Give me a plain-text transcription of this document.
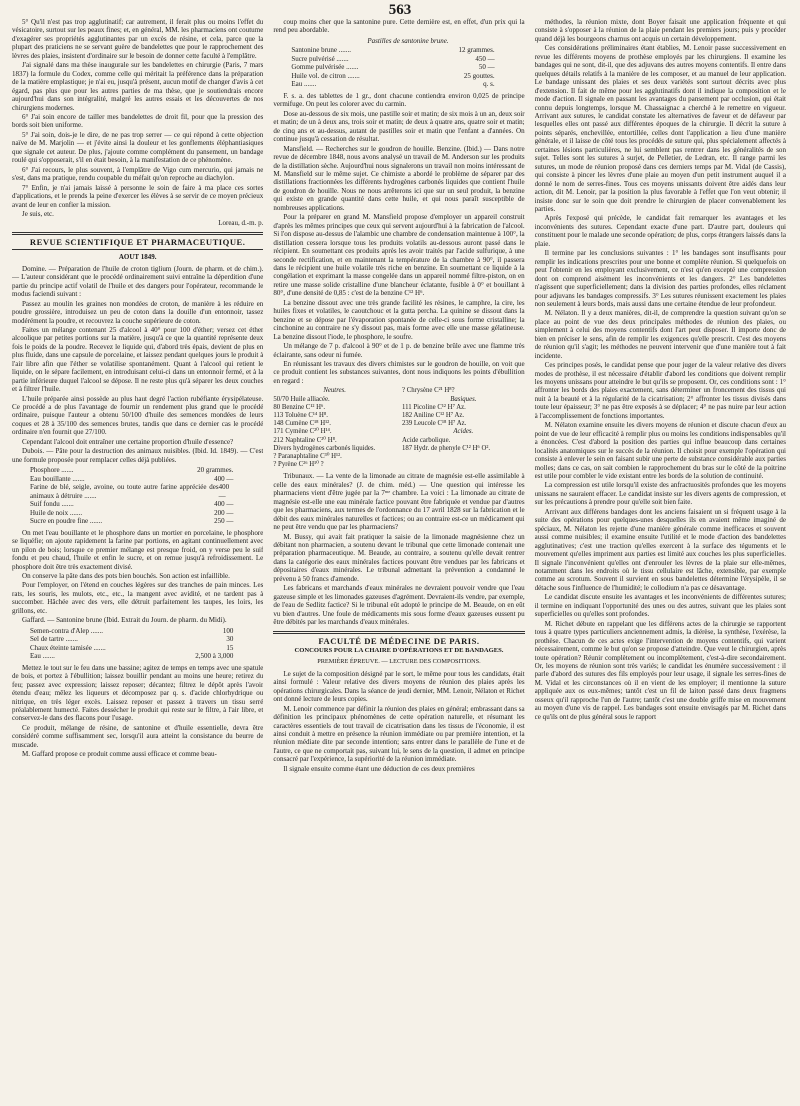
563

5° Qu'il n'est pas trop agglutinatif; car autrement, il ferait plus ou moins l'effet du vésicatoire, surtout sur les peaux fines; et, en général, MM. les pharmaciens ont coutume d'exagérer ses propriétés agglutinantes par un excès de résine, et cela, parce que la plupart des praticiens ne se servant guère de bandelettes que pour le rapprochement des lèvres des plaies, insistent d'ordinaire sur le besoin de donner cette faculté à l'emplâtre.

J'ai signalé dans ma thèse inaugurale sur les bandelettes en chirurgie (Paris, 7 mars 1837) la formule du Codex, comme celle qui méritait la préférence dans la préparation de la matière emplastique; je n'ai eu, jusqu'à présent, aucun motif de changer d'avis à cet égard, pas plus que pour les autres parties de ma thèse, que je soutiendrais encore aujourd'hui dans son intégralité, malgré les autres essais et les découvertes de nos chirurgiens modernes.

6° J'ai soin encore de tailler mes bandelettes de droit fil, pour que la pression des bords soit bien uniforme.

5° J'ai soin, dois-je le dire, de ne pas trop serrer — ce qui répond à cette objection naïve de M. Marjolin — et j'évite ainsi la douleur et les gonflements éléphantiasiques que signale cet auteur. De plus, j'ajoute comme complément du pansement, un bandage roulé qui s'opposerait, s'il en était besoin, à la manifestation de ce phénomène.

6° J'ai recours, le plus souvent, à l'emplâtre de Vigo cum mercurio, qui jamais ne s'est, dans ma pratique, rendu coupable du méfait qu'on reproche au diachylon.

7° Enfin, je n'ai jamais laissé à personne le soin de faire à ma place ces sortes d'applications, et le prends la peine d'exercer les élèves à se servir de ce moyen précieux avant de leur en confier la mission.

Je suis, etc.

Loreau, d.-m. p.

REVUE SCIENTIFIQUE ET PHARMACEUTIQUE.
AOUT 1849.

Domine. — Préparation de l'huile de croton tiglium (Journ. de pharm. et de chim.). — L'auteur considérant que le procédé ordinairement suivi entraîne la déperdition d'une partie du principe actif volatil de l'huile et des dangers pour l'opérateur, recommande le modus faciendi suivant :

Passez au moulin les graines non mondées de croton, de manière à les réduire en poudre grossière, introduisez un peu de coton dans la douille d'un entonnoir, tassez modérément la poudre, et recouvrez la couche supérieure de coton.

Faites un mélange contenant 25 d'alcool à 40° pour 100 d'éther; versez cet éther alcoolique par petites portions sur la matière, jusqu'à ce que la quantité représente deux fois le poids de la poudre. Recevez le liquide qui, d'abord très épais, devient de plus en plus fluide, dans une capsule de porcelaine, et laissez pendant quelques jours le produit à l'air libre afin que l'éther se volatilise spontanément. Quant à l'alcool qui retient le liquide, on le sépare facilement, en introduisant celui-ci dans un entonnoir fermé, et à la partie inférieure duquel l'alcool se dépose. Il ne reste plus qu'à séparer les deux couches et à filtrer l'huile.

L'huile préparée ainsi possède au plus haut degré l'action rubéfiante érysipélateuse. Ce procédé a de plus l'avantage de fournir un rendement plus grand que le procédé ordinaire, puisque l'auteur a obtenu 50/100 d'huile des semences mondées de leurs coques et 28 à 35/100 des semences brutes, tandis que dans ce dernier cas le procédé ordinaire n'en fournit que 27/100.

Cependant l'alcool doit entraîner une certaine proportion d'huile d'essence?

Dubois. — Pâte pour la destruction des animaux nuisibles. (Ibid. Id. 1849). — C'est une formule proposée pour remplacer celles déjà publiées.

Phosphore .......	20 grammes.
Eau bouillante .......	400 —
Farine de blé, seigle, avoine, ou toute autre farine appréciée des animaux à détruire .......
400 —
Suif fondu .......	400 —
Huile de noix .......	200 —
Sucre en poudre fine .......	250 —

On met l'eau bouillante et le phosphore dans un mortier en porcelaine, le phosphore se liquéfie; on ajoute rapidement la farine par portions, en agitant continuellement avec un pilon de bois; lorsque ce premier mélange est presque froid, on y verse peu le suif fondu et peu chaud, l'huile et enfin le sucre, et on remue jusqu'à refroidissement. Le phosphore doit être très exactement divisé.

On conserve la pâte dans des pots bien bouchés. Son action est infaillible.

Pour l'employer, on l'étend en couches légères sur des tranches de pain minces. Les rats, les souris, les mulots, etc., etc., la mangent avec avidité, et ne tardent pas à succomber. Hâchée avec des vers, elle détruit parfaitement les taupes, les loirs, les grillons, etc.

Gaffard. — Santonine brune (Ibid. Extrait du Journ. de pharm. du Midi).

Semen-contra d'Alep .......	100
Sel de tartre .......	30
Chaux éteinte tamisée .......	15
Eau .......	2,500 à 3,000

Mettez le tout sur le feu dans une bassine; agitez de temps en temps avec une spatule de bois, et portez à l'ébullition; laissez bouillir pendant au moins une heure; retirez du feu; passez avec expression; laissez reposer; décantez; filtrez le dépôt après l'avoir étendu d'eau; mêlez les liqueurs et décomposez par q. s. d'acide chlorhydrique ou nitrique, en très léger excès. Laissez reposer et passez à travers un tissu serré préalablement humecté. Faites dessécher le produit qui reste sur le filtre, à l'air libre, et conservez-le dans des flacons pour l'usage.

Ce produit, mélange de résine, de santonine et d'huile essentielle, devra être considéré comme suffisamment sec, lorsqu'il aura atteint la consistance du beurre de muscade.

M. Gaffard propose ce produit comme aussi efficace et comme beau-

coup moins cher que la santonine pure. Cette dernière est, en effet, d'un prix qui la rend peu abordable.

Pastilles de santonine brune.
Santonine brune .......	12 grammes.
Sucre pulvérisé .......	450 —
Gomme pulvérisée .......	50 —
Huile vol. de citron .......	25 gouttes.
Eau .......	q. s.

F. s. a. des tablettes de 1 gr., dont chacune contiendra environ 0,025 de principe vermifuge. On peut les colorer avec du carmin.

Dose au-dessous de six mois, une pastille soir et matin; de six mois à un an, deux soir et matin; de un à deux ans, trois soir et matin; de deux à quatre ans, quatre soir et matin; de cinq ans et au-dessus, autant de pastilles soir et matin que l'enfant a d'années. On continue jusqu'à cessation de résultat.

Mansfield. — Recherches sur le goudron de houille. Benzine. (Ibid.) — Dans notre revue de décembre 1848, nous avons analysé un travail de M. Anderson sur les produits de la distillation sèche. Aujourd'hui nous signalerons un travail non moins intéressant de M. Mansfield sur le même sujet. Ce chimiste a abordé le problème de séparer par des distillations fractionnées les différents hydrogènes carbonés liquides que contient l'huile de goudron de houille. Nous ne nous arrêterons ici que sur un seul produit, la benzine qui existe en grande quantité dans cette huile, et qui nous paraît susceptible de nombreuses applications.

Pour la préparer en grand M. Mansfield propose d'employer un appareil construit d'après les mêmes principes que ceux qui servent aujourd'hui à la fabrication de l'alcool. Si l'on dispose au-dessus de l'alambic une chambre de condensation maintenue à 100°, la distillation cessera lorsque tous les produits volatils au-dessous auront passé dans le récipient. En soumettant ces produits après les avoir traités par l'acide sulfurique, à une seconde rectification, et en maintenant la température de la chambre à 90°, il passera dans le récipient une huile volatile très riche en benzine. En soumettant ce liquide à la congélation et exprimant la masse congelée dans un appareil nommé filtre-piston, on en retire une masse solide cristalline d'une blancheur éclatante, fusible à 0° et bouillant à 80°, d'une densité de 0,85 : c'est de la benzine C¹² H⁶.

La benzine dissout avec une très grande facilité les résines, le camphre, la cire, les huiles fixes et volatiles, le caoutchouc et la gutta percha. La quinine se dissout dans la benzine et se dépose par l'évaporation spontanée de celle-ci sous forme cristalline; la cinchonine au contraire ne s'y dissout pas, mais forme avec elle une masse gélatineuse. La benzine dissout l'iode, le phosphore, le soufre.

Un mélange de 7 p. d'alcool à 90° et de 1 p. de benzine brûle avec une flamme très éclairante, sans odeur ni fumée.

En réunissant les travaux des divers chimistes sur le goudron de houille, on voit que ce produit contient les substances suivantes, dont nous indiquons les points d'ébullition en regard :

Neutres.	? Chrysène C²¹ H⁸?
50/70 Huile alliacée.
80 Benzine C¹² H⁶.
113 Toluène C¹⁴ H⁸.
148 Cumène C¹⁸ H¹².
171 Cymène C²⁰ H¹⁴.
212 Naphtaline C²⁰ H⁸.
Divers hydrogènes carbonés liquides.
? Paranaphtaline C³⁰ H¹².
? Pyrène C²⁶ H¹⁰ ?
Basiques.
111 Picoline C¹² H⁷ Az.
182 Aniline C¹² H⁷ Az.
239 Leucole C¹⁸ H⁷ Az.
Acides.
Acide carbolique.
187 Hydr. de phenyle C¹² H⁶ O².

Tribunaux. — La vente de la limonade au citrate de magnésie est-elle assimilable à celle des eaux minérales? (J. de chim. méd.) — Une question qui intéresse les pharmaciens vient d'être jugée par la 7ᵐᵉ chambre. La voici : La limonade au citrate de magnésie est-elle une eau minérale factice pouvant être fabriquée et vendue par d'autres que les pharmaciens, aux termes de l'ordonnance du 17 avril 1828 sur la fabrication et le débit des eaux minérales naturelles et factices; ou au contraire est-ce un médicament qui ne peut être vendu que par les pharmaciens?

M. Bussy, qui avait fait pratiquer la saisie de la limonade magnésienne chez un débitant non pharmacien, a soutenu devant le tribunal que cette limonade contenait une préparation pharmaceutique. M. Beaude, au contraire, a soutenu qu'elle devait rentrer dans la catégorie des eaux minérales factices pouvant être vendues par les fabricans et dépositaires d'eaux minérales. Le tribunal admettant la prévention a condamné le prévenu à 50 francs d'amende.

Les fabricans et marchands d'eaux minérales ne devraient pouvoir vendre que l'eau gazeuse simple et les limonades gazeuses d'agrément. Devraient-ils vendre, par exemple, de l'eau de Sedlitz factice? Si le tribunal eût adopté le principe de M. Beaude, on en eût vu bien d'autres. Une foule de médicaments mis sous forme d'eaux gazeuses eussent pu être débités par les marchands d'eaux minérales.

FACULTÉ DE MÉDECINE DE PARIS.
CONCOURS POUR LA CHAIRE D'OPÉRATIONS ET DE BANDAGES.
PREMIÈRE ÉPREUVE. — LECTURE DES COMPOSITIONS.

Le sujet de la composition désigné par le sort, le même pour tous les candidats, était ainsi formulé : Valeur relative des divers moyens de réunion des plaies après les opérations chirurgicales. Dans la séance de jeudi dernier, MM. Lenoir, Nélaton et Richet ont donné lecture de leurs copies.

M. Lenoir commence par définir la réunion des plaies en général; embrassant dans sa définition les principaux phénomènes de cette opération naturelle, et résumant les caractères essentiels de tout travail de cicatrisation dans les tissus de l'économie, il est ainsi conduit à mettre en présence la réunion immédiate ou par première intention, et la réunion médiate dite par seconde intention; sans entrer dans le parallèle de l'une et de l'autre, ce que ne comportait pas, suivant lui, le sens de la question, il admet en principe consacré par l'expérience, la supériorité de la réunion immédiate.

Il signale ensuite comme étant une déduction de ces deux premières

méthodes, la réunion mixte, dont Boyer faisait une application fréquente et qui consiste à s'opposer à la réunion de la plaie pendant les premiers jours; puis y procéder quand déjà les bourgeons charnus ont acquis un certain développement.

Ces considérations préliminaires étant établies, M. Lenoir passe successivement en revue les différents moyens de prothèse employés par les chirurgiens. Il examine les bandages qui ne sont, dit-il, que des adjuvans des autres moyens contentifs. Il entre dans quelques détails relatifs à la manière de les composer, et au manuel de leur application. Le bandage unissant des plaies et ses deux variétés sont surtout décrits avec plus d'extension. Il fait de même pour les agglutinatifs dont il indique la composition et le mode d'action. Il signale en passant les avantages du pansement par occlusion, qui était connu depuis longtemps, lorsque M. Chassaignac a cherché à le remettre en vigueur. Arrivant aux sutures, le candidat constate les alternatives de faveur et de défaveur par lesquelles elles ont passé aux différentes époques de la chirurgie. Il décrit la suture à points séparés, enchevillée, entortillée, celles dont l'application a lieu d'une manière générale, et il laisse de côté tous les procédés de suture qui, plus spécialement affectés à certaines lésions particulières, ne lui semblent pas rentrer dans les généralités de son sujet. Telles sont les sutures à surjet, de Pelletier, de Ledran, etc. Il range parmi les sutures, un mode de réunion proposé dans ces derniers temps par M. Vidal (de Cassis), qui consiste à pincer les lèvres d'une plaie au moyen d'un petit instrument auquel il a donné le nom de serres-fines. Tous ces moyens unissants doivent être aidés dans leur action, dit M. Lenoir, par la position la plus favorable à l'effet que l'on veut obtenir; il insiste donc sur le soin que doit prendre le chirurgien de placer convenablement les parties.

Après l'exposé qui précède, le candidat fait remarquer les avantages et les inconvénients des sutures. Cependant exacte d'une part. D'autre part, douleurs qui constituent pour le malade une seconde opération; de plus, corps étrangers laissés dans la plaie.

Il termine par les conclusions suivantes : 1° les bandages sont insuffisants pour remplir les indications prescrites pour une bonne et complète réunion. Si quelquefois on peut l'obtenir en les employant exclusivement, ce n'est qu'en excepté une compression dont on comprend aisément les inconvénients et les dangers. 2° Les bandelettes n'agissent que superficiellement; dans la division des parties profondes, elles réclament pour adjuvans les bandages compressifs. 3° Les sutures réunissent exactement les plaies non seulement à leurs bords, mais aussi dans une certaine étendue de leur profondeur.

M. Nélaton. Il y a deux manières, dit-il, de comprendre la question suivant qu'on se place au point de vue des deux principales méthodes de réunion des plaies, ou simplement à celui des moyens contentifs dont l'art peut disposer. Il importe donc de bien en préciser le sens, afin de remplir les exigences qu'elle prescrit. C'est des moyens de réunion qu'il s'agit; les méthodes ne peuvent intervenir que d'une manière tout à fait incidente.

Ces principes posés, le candidat pense que pour juger de la valeur relative des divers modes de prothèse, il est nécessaire d'établir d'abord les conditions que doivent remplir les moyens unissans pour atteindre le but qu'ils se proposent. Or, ces conditions sont : 1° affronter les bords des plaies exactement, sans déterminer un froncement des tissus qui nuit à la beauté et à la régularité de la cicatrisation; 2° affronter les tissus divisés dans toute leur épaisseur; 3° ne pas être exposés à se déplacer; 4° ne pas nuire par leur action à l'accomplissement de fonctions importantes.

M. Nélaton examine ensuite les divers moyens de réunion et discute chacun d'eux au point de vue de leur efficacité à remplir plus ou moins les conditions indispensables qu'il a énoncées. C'est d'abord la position des parties qui influe beaucoup dans certaines localités anatomiques sur le succès de la réunion. Il choisit pour exemple l'opération qui consiste à enlever le sein en faisant subir une perte de substance considérable aux parties molles; dans ce cas, on sait combien le rapprochement du bras sur le côté de la poitrine est utile pour combler le vide existant entre les bords de la solution de continuité.

La compression est utile lorsqu'il existe des anfractuosités profondes que les moyens unissans ne sauraient effacer. Le candidat insiste sur les divers agents de compression, et sur les précautions à prendre pour qu'elle soit bien faite.

Arrivant aux différens bandages dont les anciens faisaient un si fréquent usage à la suite des opérations pour quelques-unes desquelles ils en avaient même imaginé de spéciaux, M. Nélaton les rejette d'une manière générale comme inefficaces et souvent aussi comme nuisibles; il examine ensuite l'utilité et le mode d'action des bandelettes agglutinatives; c'est une traction qu'elles exercent à la surface des téguments et le mouvement qu'elles impriment aux parties est limité aux couches les plus superficielles. Il signale l'inconvénient qu'elles ont d'enrouler les lèvres de la plaie sur elle-mêmes, notamment dans les endroits où le tissu cellulaire est lâche, extensible, par exemple comme au scrotum. Souvent il survient en sous bandelettes détermine l'érysipèle, il se détache sous l'influence de l'humidité; le collodium n'a pas ce désavantage.

Le candidat discute ensuite les avantages et les inconvénients de différentes sutures; il termine en indiquant l'opportunité des unes ou des autres, suivant que les plaies sont superficielles ou qu'elles sont profondes.

M. Richet débute en rappelant que les différens actes de la chirurgie se rapportent tous à quatre types particuliers anciennement admis, la diérèse, la synthèse, l'exérèse, la prothèse. Chacun de ces actes exige l'intervention de moyens contentifs, qui varient nécessairement, comme le but qu'on se propose d'atteindre. Que veut le chirurgien, après toute opération? Réunir complètement ou incomplètement, c'est-à-dire secondairement. Or, les moyens de réunion sont très variés; le candidat les énumère successivement : il parle d'abord des sutures des fils employés pour leur usage, il signale les serres-fines de M. Vidal et les circonstances où il en vient de les employer; il mentionne la suture appliquée aux os eux-mêmes; tantôt c'est un fil de laiton passé dans deux fragmens osseux qu'il rapproche l'un de l'autre; tantôt c'est une double griffe mise en mouvement au moyen d'une vis de rappel. Les bandages sont ensuite envisagés par M. Richet dans ce qu'ils ont de plus général sous le rapport
